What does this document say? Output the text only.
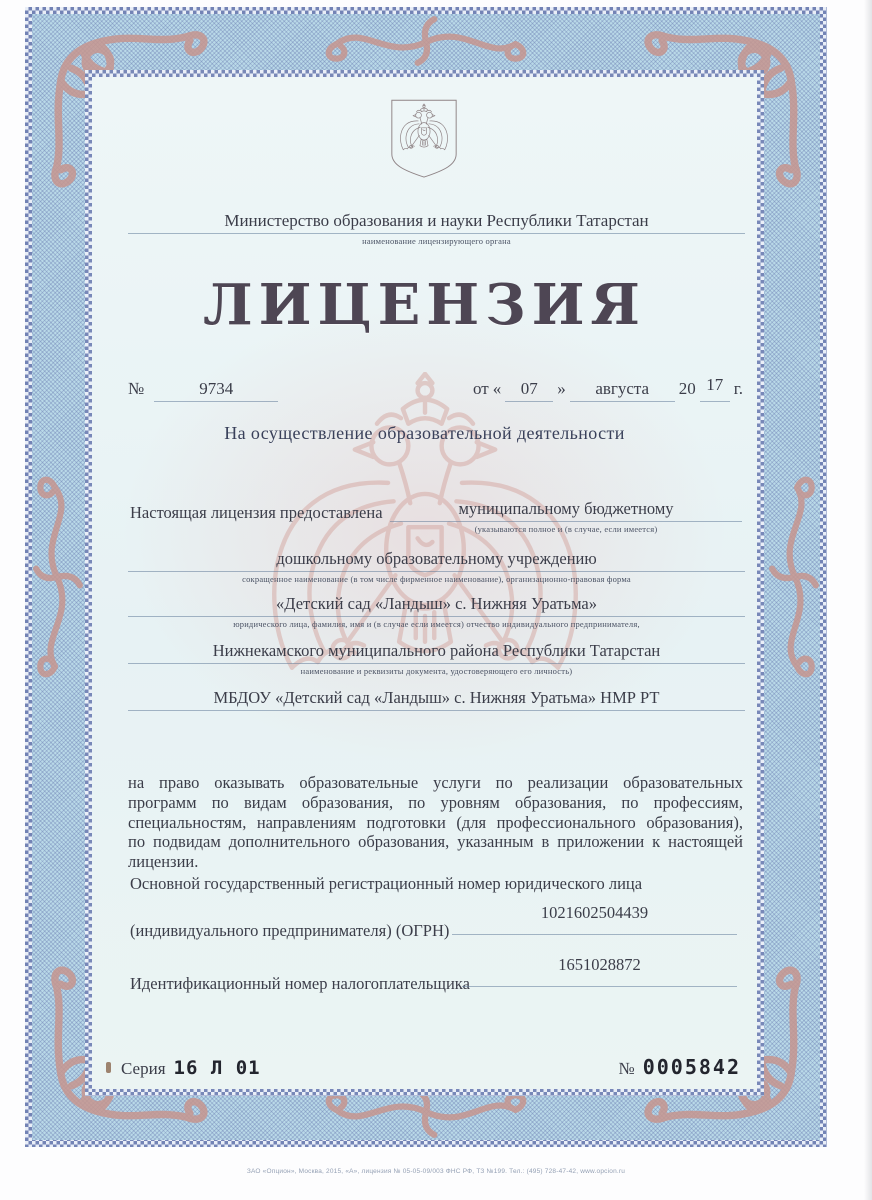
Министерство образования и науки Республики Татарстан
наименование лицензирующего органа
ЛИЦЕНЗИЯ
№	9734	от «	07	»	августа	20 17 г.
На осуществление образовательной деятельности
Настоящая лицензия предоставлена	муниципальному бюджетному
(указываются полное и (в случае, если имеется)
дошкольному образовательному учреждению
сокращенное наименование (в том числе фирменное наименование), организационно-правовая форма
«Детский сад «Ландыш» с. Нижняя Уратьма»
юридического лица, фамилия, имя и (в случае если имеется) отчество индивидуального предпринимателя,
Нижнекамского муниципального района Республики Татарстан
наименование и реквизиты документа, удостоверяющего его личность)
МБДОУ «Детский сад «Ландыш» с. Нижняя Уратьма» НМР РТ
на право оказывать образовательные услуги по реализации образовательных программ по видам образования, по уровням образования, по профессиям, специальностям, направлениям подготовки (для профессионального образования), по подвидам дополнительного образования, указанным в приложении к настоящей лицензии.
Основной государственный регистрационный номер юридического лица
(индивидуального предпринимателя) (ОГРН)
1021602504439
Идентификационный номер налогоплательщика
1651028872
Серия 16 Л 01	№ 0005842
ЗАО «Опцион», Москва, 2015, «А», лицензия № 05-05-09/003 ФНС РФ, ТЗ №199. Тел.: (495) 728-47-42, www.opcion.ru
